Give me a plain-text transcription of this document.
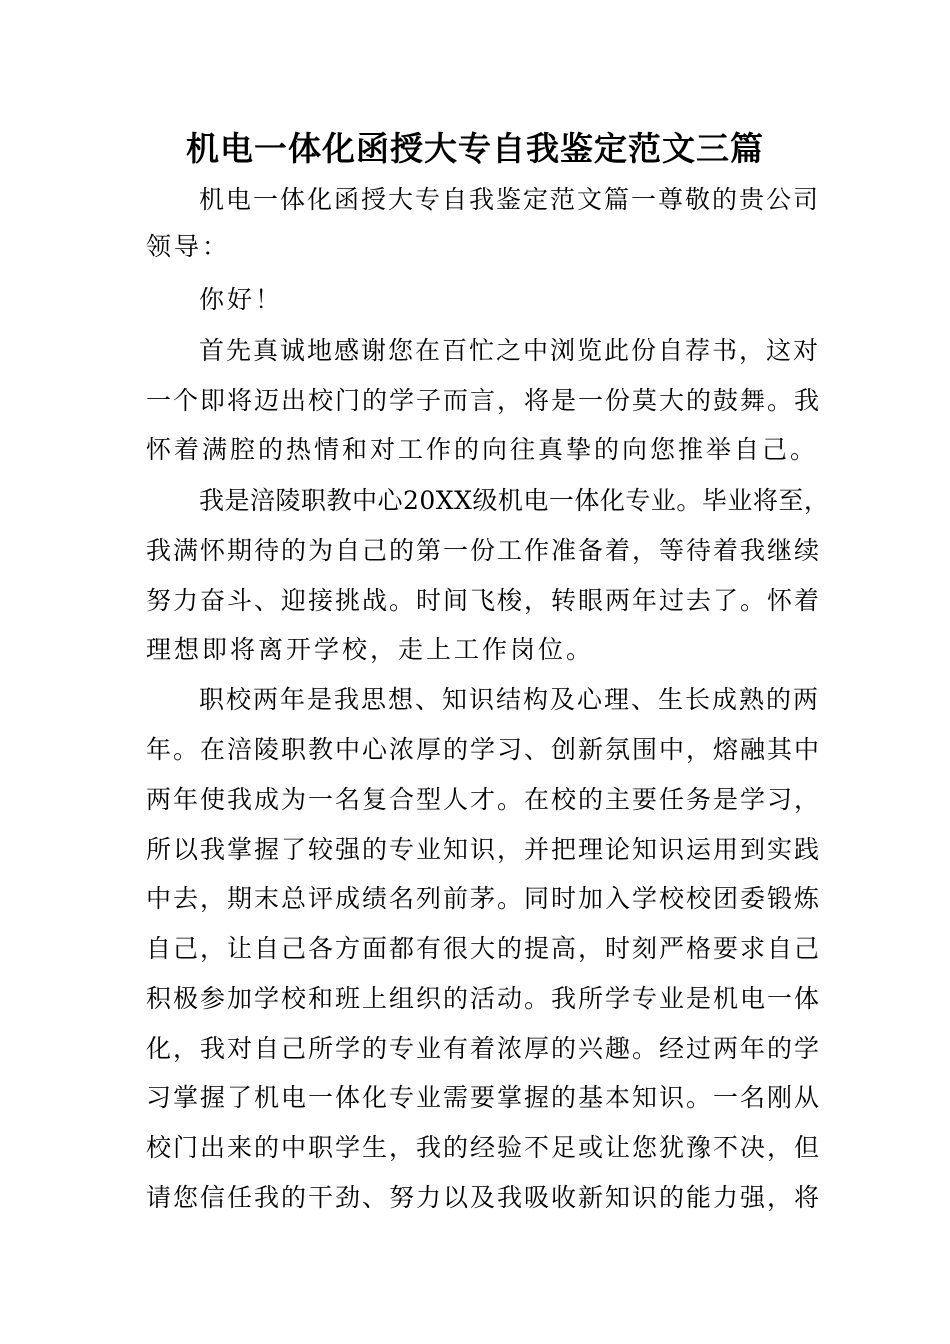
机电一体化函授大专自我鉴定范文三篇
机电一体化函授大专自我鉴定范文篇一尊敬的贵公司
领导：
你好！
首先真诚地感谢您在百忙之中浏览此份自荐书，这对
一个即将迈出校门的学子而言，将是一份莫大的鼓舞。我
怀着满腔的热情和对工作的向往真挚的向您推举自己。
我是涪陵职教中心20XX级机电一体化专业。毕业将至，
我满怀期待的为自己的第一份工作准备着，等待着我继续
努力奋斗、迎接挑战。时间飞梭，转眼两年过去了。怀着
理想即将离开学校，走上工作岗位。
职校两年是我思想、知识结构及心理、生长成熟的两
年。在涪陵职教中心浓厚的学习、创新氛围中，熔融其中
两年使我成为一名复合型人才。在校的主要任务是学习，
所以我掌握了较强的专业知识，并把理论知识运用到实践
中去，期末总评成绩名列前茅。同时加入学校校团委锻炼
自己，让自己各方面都有很大的提高，时刻严格要求自己
积极参加学校和班上组织的活动。我所学专业是机电一体
化，我对自己所学的专业有着浓厚的兴趣。经过两年的学
习掌握了机电一体化专业需要掌握的基本知识。一名刚从
校门出来的中职学生，我的经验不足或让您犹豫不决，但
请您信任我的干劲、努力以及我吸收新知识的能力强，将
